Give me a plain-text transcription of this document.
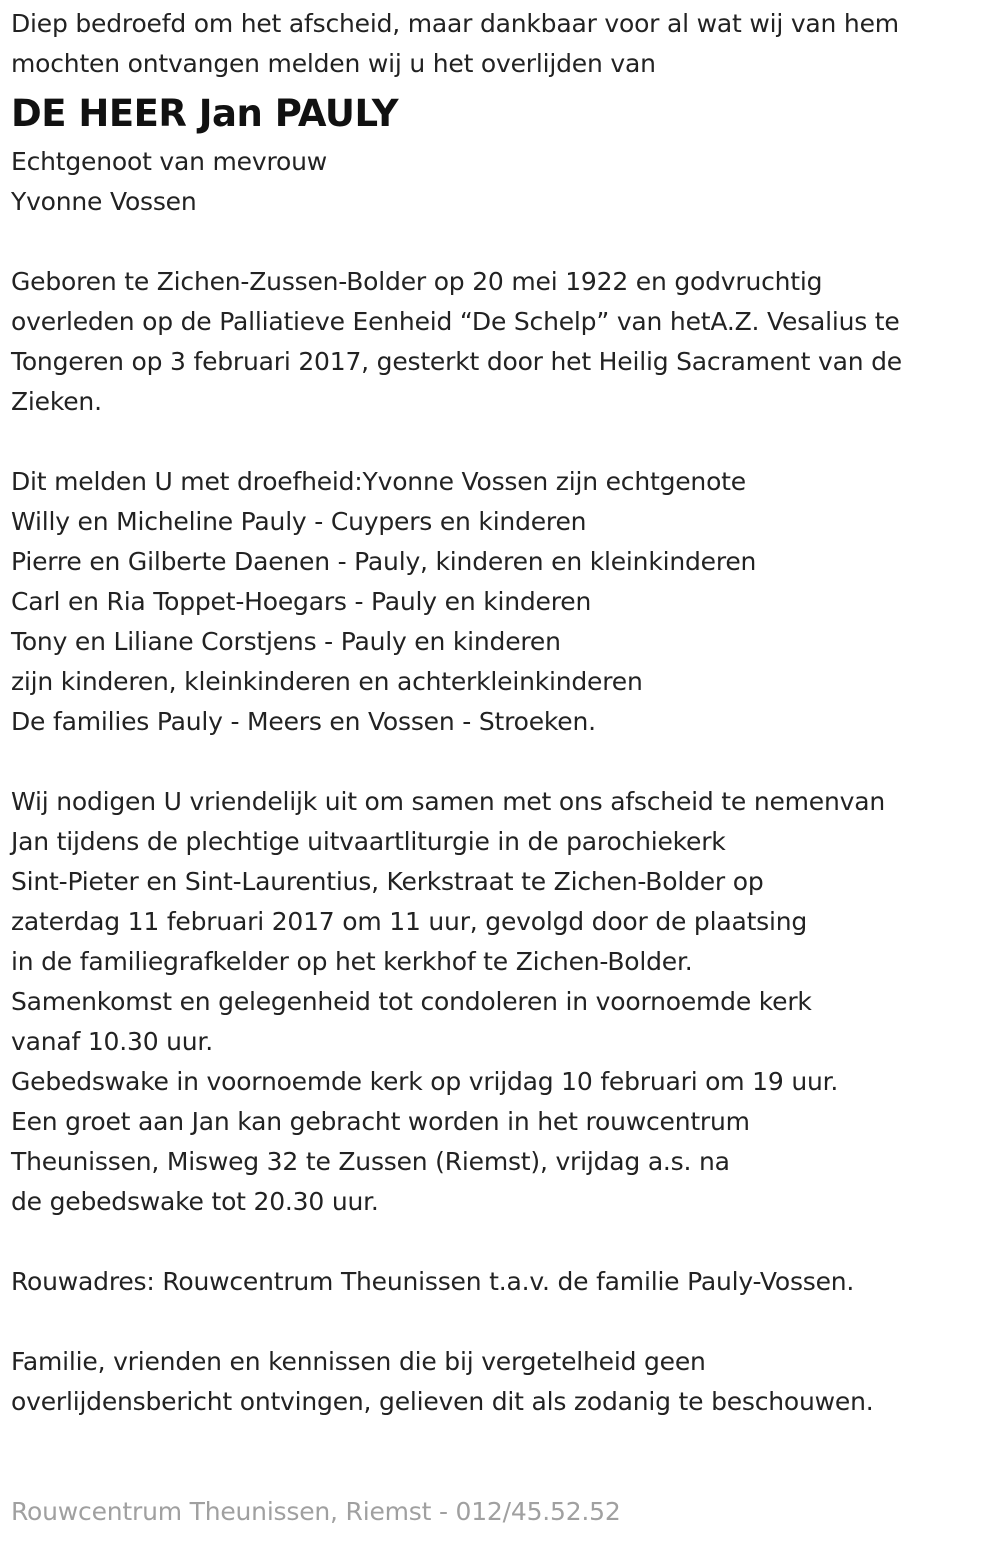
Diep bedroefd om het afscheid, maar dankbaar voor al wat wij van hem
mochten ontvangen melden wij u het overlijden van
DE HEER Jan PAULY
Echtgenoot van mevrouw
Yvonne Vossen
Geboren te Zichen-Zussen-Bolder op 20 mei 1922 en godvruchtig
overleden op de Palliatieve Eenheid “De Schelp” van hetA.Z. Vesalius te
Tongeren op 3 februari 2017, gesterkt door het Heilig Sacrament van de
Zieken.
Dit melden U met droefheid:Yvonne Vossen zijn echtgenote
Willy en Micheline Pauly - Cuypers en kinderen
Pierre en Gilberte Daenen - Pauly, kinderen en kleinkinderen
Carl en Ria Toppet-Hoegars - Pauly en kinderen
Tony en Liliane Corstjens - Pauly en kinderen
zijn kinderen, kleinkinderen en achterkleinkinderen
De families Pauly - Meers en Vossen - Stroeken.
Wij nodigen U vriendelijk uit om samen met ons afscheid te nemenvan
Jan tijdens de plechtige uitvaartliturgie in de parochiekerk
Sint-Pieter en Sint-Laurentius, Kerkstraat te Zichen-Bolder op
zaterdag 11 februari 2017 om 11 uur, gevolgd door de plaatsing
in de familiegrafkelder op het kerkhof te Zichen-Bolder.
Samenkomst en gelegenheid tot condoleren in voornoemde kerk
vanaf 10.30 uur.
Gebedswake in voornoemde kerk op vrijdag 10 februari om 19 uur.
Een groet aan Jan kan gebracht worden in het rouwcentrum
Theunissen, Misweg 32 te Zussen (Riemst), vrijdag a.s. na
de gebedswake tot 20.30 uur.
Rouwadres: Rouwcentrum Theunissen t.a.v. de familie Pauly-Vossen.
Familie, vrienden en kennissen die bij vergetelheid geen
overlijdensbericht ontvingen, gelieven dit als zodanig te beschouwen.
Rouwcentrum Theunissen, Riemst - 012/45.52.52
